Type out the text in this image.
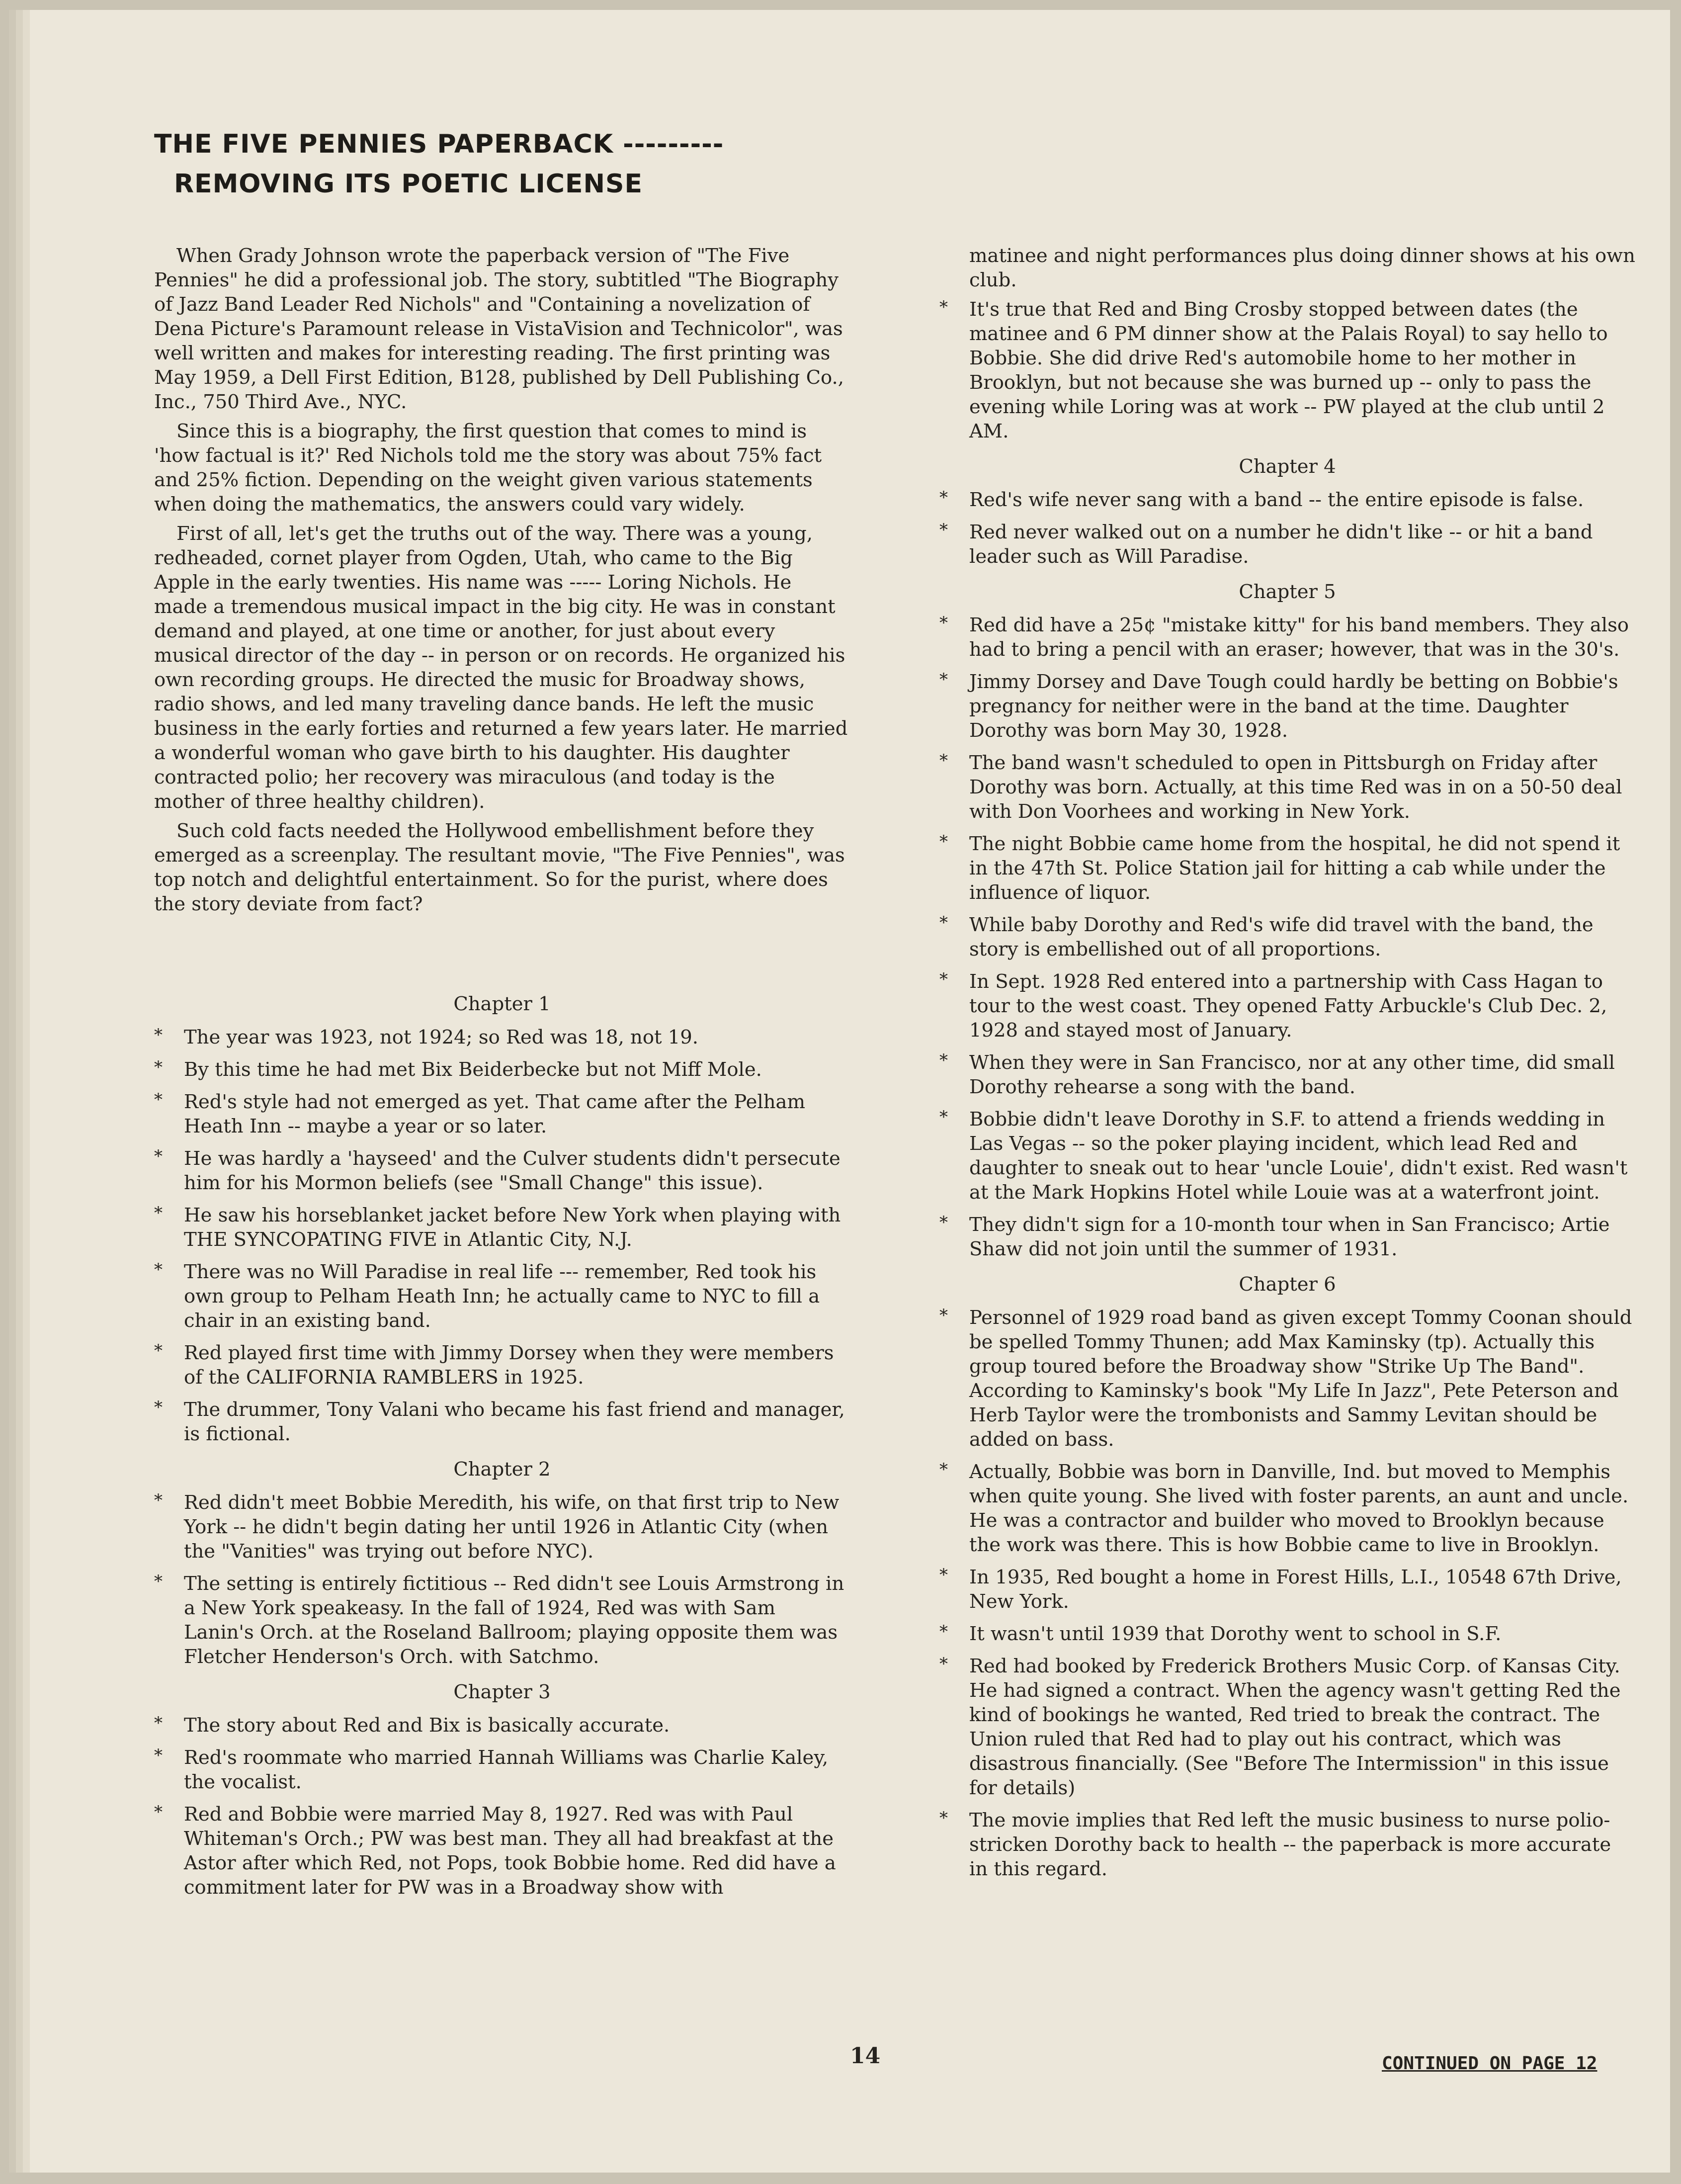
THE FIVE PENNIES PAPERBACK ---------
REMOVING ITS POETIC LICENSE

When Grady Johnson wrote the paperback version of "The Five Pennies" he did a professional job. The story, subtitled "The Biography of Jazz Band Leader Red Nichols" and "Containing a novelization of Dena Picture's Paramount release in VistaVision and Technicolor", was well written and makes for interesting reading. The first printing was May 1959, a Dell First Edition, B128, published by Dell Publishing Co., Inc., 750 Third Ave., NYC.

Since this is a biography, the first question that comes to mind is 'how factual is it?' Red Nichols told me the story was about 75% fact and 25% fiction. Depending on the weight given various statements when doing the mathematics, the answers could vary widely.

First of all, let's get the truths out of the way. There was a young, redheaded, cornet player from Ogden, Utah, who came to the Big Apple in the early twenties. His name was ----- Loring Nichols. He made a tremendous musical impact in the big city. He was in constant demand and played, at one time or another, for just about every musical director of the day -- in person or on records. He organized his own recording groups. He directed the music for Broadway shows, radio shows, and led many traveling dance bands. He left the music business in the early forties and returned a few years later. He married a wonderful woman who gave birth to his daughter. His daughter contracted polio; her recovery was miraculous (and today is the mother of three healthy children).

Such cold facts needed the Hollywood embellishment before they emerged as a screenplay. The resultant movie, "The Five Pennies", was top notch and delightful entertainment. So for the purist, where does the story deviate from fact?

Chapter 1
* The year was 1923, not 1924; so Red was 18, not 19.
* By this time he had met Bix Beiderbecke but not Miff Mole.
* Red's style had not emerged as yet. That came after the Pelham Heath Inn -- maybe a year or so later.
* He was hardly a 'hayseed' and the Culver students didn't persecute him for his Mormon beliefs (see "Small Change" this issue).
* He saw his horseblanket jacket before New York when playing with THE SYNCOPATING FIVE in Atlantic City, N.J.
* There was no Will Paradise in real life --- remember, Red took his own group to Pelham Heath Inn; he actually came to NYC to fill a chair in an existing band.
* Red played first time with Jimmy Dorsey when they were members of the CALIFORNIA RAMBLERS in 1925.
* The drummer, Tony Valani who became his fast friend and manager, is fictional.
Chapter 2
* Red didn't meet Bobbie Meredith, his wife, on that first trip to New York -- he didn't begin dating her until 1926 in Atlantic City (when the "Vanities" was trying out before NYC).
* The setting is entirely fictitious -- Red didn't see Louis Armstrong in a New York speakeasy. In the fall of 1924, Red was with Sam Lanin's Orch. at the Roseland Ballroom; playing opposite them was Fletcher Henderson's Orch. with Satchmo.
Chapter 3
* The story about Red and Bix is basically accurate.
* Red's roommate who married Hannah Williams was Charlie Kaley, the vocalist.
* Red and Bobbie were married May 8, 1927. Red was with Paul Whiteman's Orch.; PW was best man. They all had breakfast at the Astor after which Red, not Pops, took Bobbie home. Red did have a commitment later for PW was in a Broadway show with

matinee and night performances plus doing dinner shows at his own club.

* It's true that Red and Bing Crosby stopped between dates (the matinee and 6 PM dinner show at the Palais Royal) to say hello to Bobbie. She did drive Red's automobile home to her mother in Brooklyn, but not because she was burned up -- only to pass the evening while Loring was at work -- PW played at the club until 2 AM.
Chapter 4
* Red's wife never sang with a band -- the entire episode is false.
* Red never walked out on a number he didn't like -- or hit a band leader such as Will Paradise.
Chapter 5
* Red did have a 25¢ "mistake kitty" for his band members. They also had to bring a pencil with an eraser; however, that was in the 30's.
* Jimmy Dorsey and Dave Tough could hardly be betting on Bobbie's pregnancy for neither were in the band at the time. Daughter Dorothy was born May 30, 1928.
* The band wasn't scheduled to open in Pittsburgh on Friday after Dorothy was born. Actually, at this time Red was in on a 50-50 deal with Don Voorhees and working in New York.
* The night Bobbie came home from the hospital, he did not spend it in the 47th St. Police Station jail for hitting a cab while under the influence of liquor.
* While baby Dorothy and Red's wife did travel with the band, the story is embellished out of all proportions.
* In Sept. 1928 Red entered into a partnership with Cass Hagan to tour to the west coast. They opened Fatty Arbuckle's Club Dec. 2, 1928 and stayed most of January.
* When they were in San Francisco, nor at any other time, did small Dorothy rehearse a song with the band.
* Bobbie didn't leave Dorothy in S.F. to attend a friends wedding in Las Vegas -- so the poker playing incident, which lead Red and daughter to sneak out to hear 'uncle Louie', didn't exist. Red wasn't at the Mark Hopkins Hotel while Louie was at a waterfront joint.
* They didn't sign for a 10-month tour when in San Francisco; Artie Shaw did not join until the summer of 1931.
Chapter 6
* Personnel of 1929 road band as given except Tommy Coonan should be spelled Tommy Thunen; add Max Kaminsky (tp). Actually this group toured before the Broadway show "Strike Up The Band". According to Kaminsky's book "My Life In Jazz", Pete Peterson and Herb Taylor were the trombonists and Sammy Levitan should be added on bass.
* Actually, Bobbie was born in Danville, Ind. but moved to Memphis when quite young. She lived with foster parents, an aunt and uncle. He was a contractor and builder who moved to Brooklyn because the work was there. This is how Bobbie came to live in Brooklyn.
* In 1935, Red bought a home in Forest Hills, L.I., 10548 67th Drive, New York.
* It wasn't until 1939 that Dorothy went to school in S.F.
* Red had booked by Frederick Brothers Music Corp. of Kansas City. He had signed a contract. When the agency wasn't getting Red the kind of bookings he wanted, Red tried to break the contract. The Union ruled that Red had to play out his contract, which was disastrous financially. (See "Before The Intermission" in this issue for details)
* The movie implies that Red left the music business to nurse polio-stricken Dorothy back to health -- the paperback is more accurate in this regard.
14	CONTINUED ON PAGE 12
